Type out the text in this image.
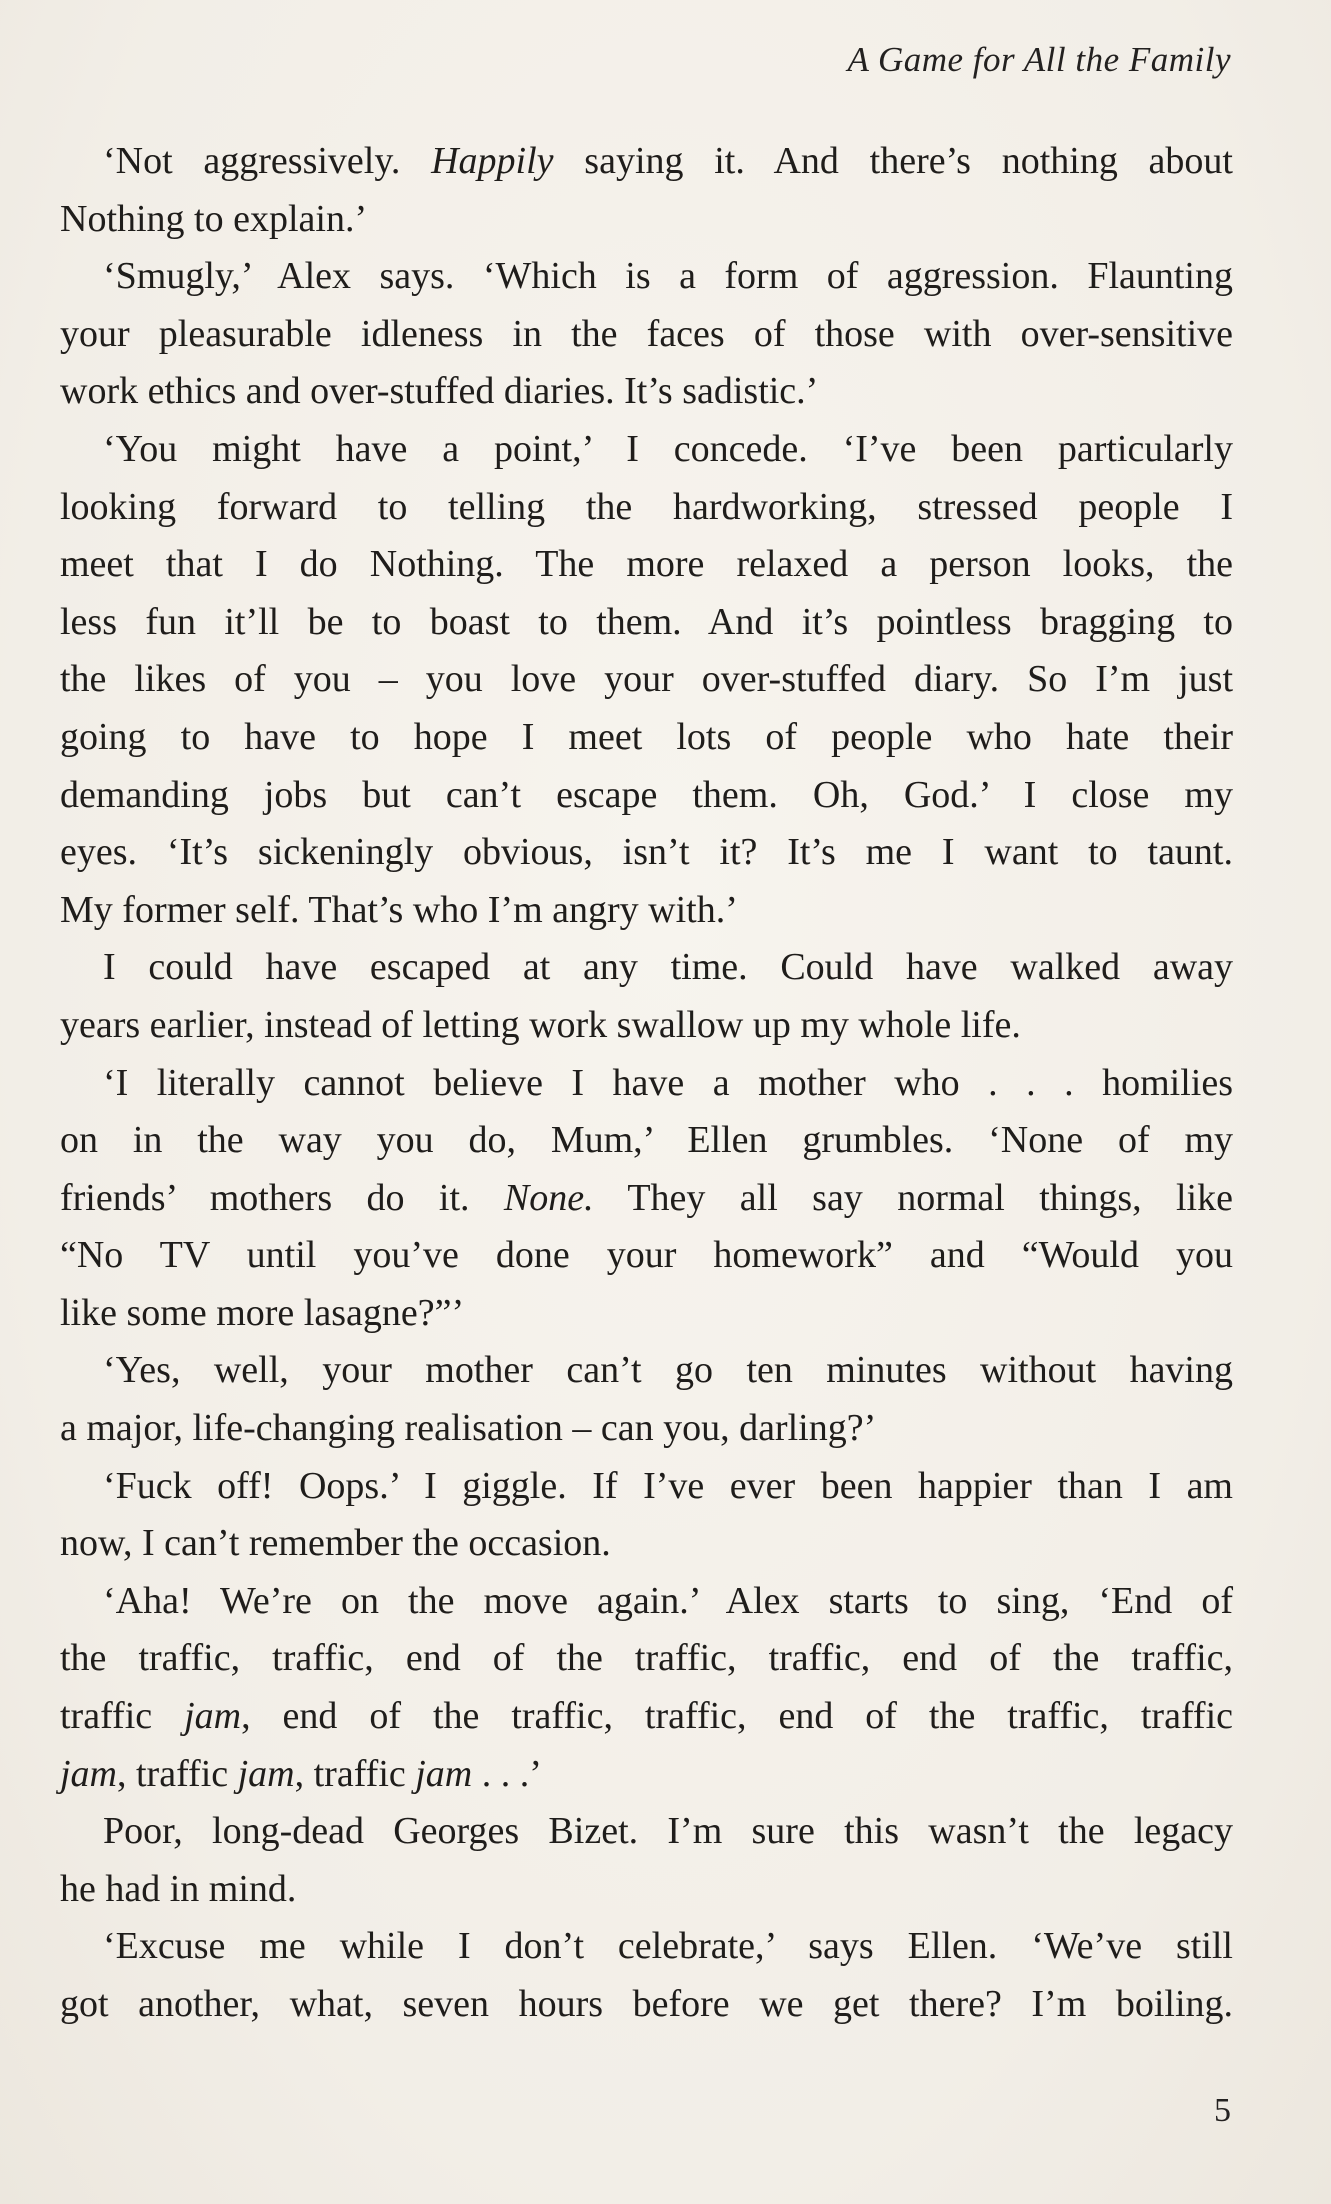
A Game for All the Family
‘Not aggressively. Happily saying it. And there’s nothing about
Nothing to explain.’
‘Smugly,’ Alex says. ‘Which is a form of aggression. Flaunting
your pleasurable idleness in the faces of those with over-sensitive
work ethics and over-stuffed diaries. It’s sadistic.’
‘You might have a point,’ I concede. ‘I’ve been particularly
looking forward to telling the hardworking, stressed people I
meet that I do Nothing. The more relaxed a person looks, the
less fun it’ll be to boast to them. And it’s pointless bragging to
the likes of you – you love your over-stuffed diary. So I’m just
going to have to hope I meet lots of people who hate their
demanding jobs but can’t escape them. Oh, God.’ I close my
eyes. ‘It’s sickeningly obvious, isn’t it? It’s me I want to taunt.
My former self. That’s who I’m angry with.’
I could have escaped at any time. Could have walked away
years earlier, instead of letting work swallow up my whole life.
‘I literally cannot believe I have a mother who . . . homilies
on in the way you do, Mum,’ Ellen grumbles. ‘None of my
friends’ mothers do it. None. They all say normal things, like
“No TV until you’ve done your homework” and “Would you
like some more lasagne?”’
‘Yes, well, your mother can’t go ten minutes without having
a major, life-changing realisation – can you, darling?’
‘Fuck off! Oops.’ I giggle. If I’ve ever been happier than I am
now, I can’t remember the occasion.
‘Aha! We’re on the move again.’ Alex starts to sing, ‘End of
the traffic, traffic, end of the traffic, traffic, end of the traffic,
traffic jam, end of the traffic, traffic, end of the traffic, traffic
jam, traffic jam, traffic jam . . .’
Poor, long-dead Georges Bizet. I’m sure this wasn’t the legacy
he had in mind.
‘Excuse me while I don’t celebrate,’ says Ellen. ‘We’ve still
got another, what, seven hours before we get there? I’m boiling.
5
